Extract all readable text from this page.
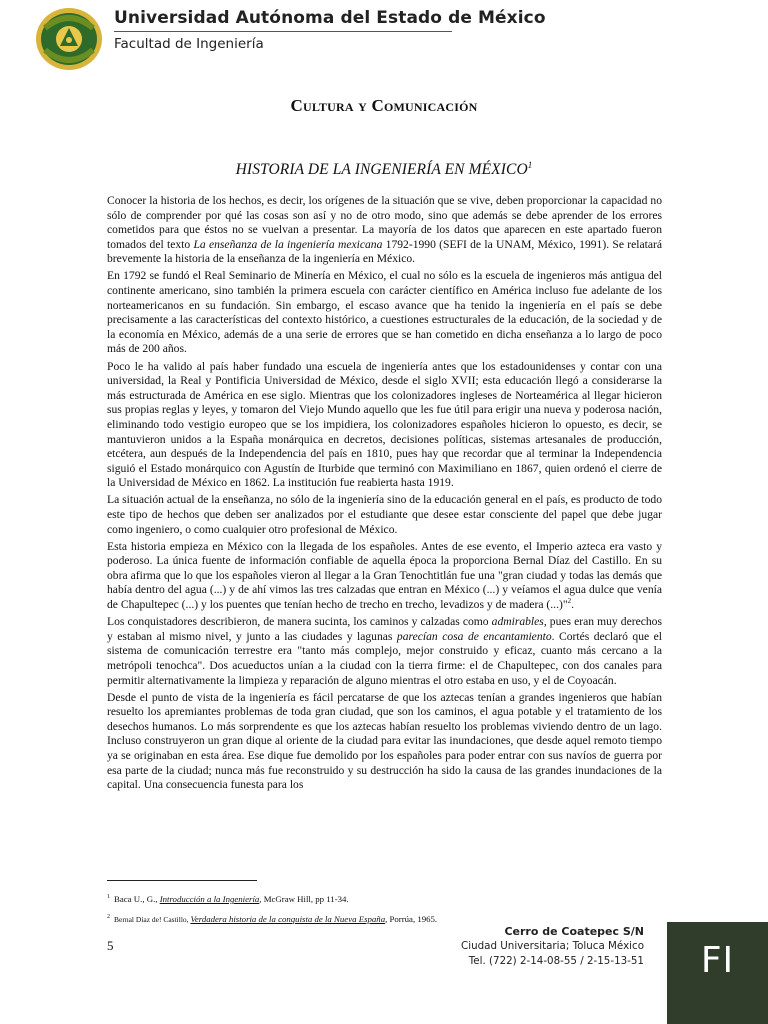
Universidad Autónoma del Estado de México
Facultad de Ingeniería
Cultura y Comunicación
HISTORIA DE LA INGENIERÍA EN MÉXICO$^1$

Conocer la historia de los hechos, es decir, los orígenes de la situación que se vive, deben proporcionar la capacidad no sólo de comprender por qué las cosas son así y no de otro modo, sino que además se debe aprender de los errores cometidos para que éstos no se vuelvan a presentar. La mayoría de los datos que aparecen en este apartado fueron tomados del texto La enseñanza de la ingeniería mexicana 1792-1990 (SEFI de la UNAM, México, 1991). Se relatará brevemente la historia de la enseñanza de la ingeniería en México.

En 1792 se fundó el Real Seminario de Minería en México, el cual no sólo es la escuela de ingenieros más antigua del continente americano, sino también la primera escuela con carácter científico en América incluso fue adelante de los norteamericanos en su fundación. Sin embargo, el escaso avance que ha tenido la ingeniería en el país se debe precisamente a las características del contexto histórico, a cuestiones estructurales de la educación, de la sociedad y de la economía en México, además de a una serie de errores que se han cometido en dicha enseñanza a lo largo de poco más de 200 años.

Poco le ha valido al país haber fundado una escuela de ingeniería antes que los estadounidenses y contar con una universidad, la Real y Pontificia Universidad de México, desde el siglo XVII; esta educación llegó a considerarse la más estructurada de América en ese siglo. Mientras que los colonizadores ingleses de Norteamérica al llegar hicieron sus propias reglas y leyes, y tomaron del Viejo Mundo aquello que les fue útil para erigir una nueva y poderosa nación, eliminando todo vestigio europeo que se los impidiera, los colonizadores españoles hicieron lo opuesto, es decir, se mantuvieron unidos a la España monárquica en decretos, decisiones políticas, sistemas artesanales de producción, etcétera, aun después de la Independencia del país en 1810, pues hay que recordar que al terminar la Independencia siguió el Estado monárquico con Agustín de Iturbide que terminó con Maximiliano en 1867, quien ordenó el cierre de la Universidad de México en 1862. La institución fue reabierta hasta 1919.

La situación actual de la enseñanza, no sólo de la ingeniería sino de la educación general en el país, es producto de todo este tipo de hechos que deben ser analizados por el estudiante que desee estar consciente del papel que debe jugar como ingeniero, o como cualquier otro profesional de México.

Esta historia empieza en México con la llegada de los españoles. Antes de ese evento, el Imperio azteca era vasto y poderoso. La única fuente de información confiable de aquella época la proporciona Bernal Díaz del Castillo. En su obra afirma que lo que los españoles vieron al llegar a la Gran Tenochtitlán fue una "gran ciudad y todas las demás que había dentro del agua (...) y de ahí vimos las tres calzadas que entran en México (...) y veíamos el agua dulce que venía de Chapultepec (...) y los puentes que tenían hecho de trecho en trecho, levadizos y de madera (...)"$^2$.

Los conquistadores describieron, de manera sucinta, los caminos y calzadas como admirables, pues eran muy derechos y estaban al mismo nivel, y junto a las ciudades y lagunas parecían cosa de encantamiento. Cortés declaró que el sistema de comunicación terrestre era "tanto más complejo, mejor construido y eficaz, cuanto más cercano a la metrópoli tenochca". Dos acueductos unían a la ciudad con la tierra firme: el de Chapultepec, con dos canales para permitir alternativamente la limpieza y reparación de alguno mientras el otro estaba en uso, y el de Coyoacán.

Desde el punto de vista de la ingeniería es fácil percatarse de que los aztecas tenían a grandes ingenieros que habían resuelto los apremiantes problemas de toda gran ciudad, que son los caminos, el agua potable y el tratamiento de los desechos humanos. Lo más sorprendente es que los aztecas habían resuelto los problemas viviendo dentro de un lago. Incluso construyeron un gran dique al oriente de la ciudad para evitar las inundaciones, que desde aquel remoto tiempo ya se originaban en esta área. Ese dique fue demolido por los españoles para poder entrar con sus navíos de guerra por esa parte de la ciudad; nunca más fue reconstruido y su destrucción ha sido la causa de las grandes inundaciones de la capital. Una consecuencia funesta para los

$^1$ Baca U., G., Introducción a la Ingeniería, McGraw Hill, pp 11-34.
$^2$ Bernal Díaz de! Castillo, Verdadera historia de la conquista de la Nueva España, Porrúa, 1965.
5
Cerro de Coatepec S/N
Ciudad Universitaria; Toluca México
Tel. (722) 2-14-08-55 / 2-15-13-51	FI
